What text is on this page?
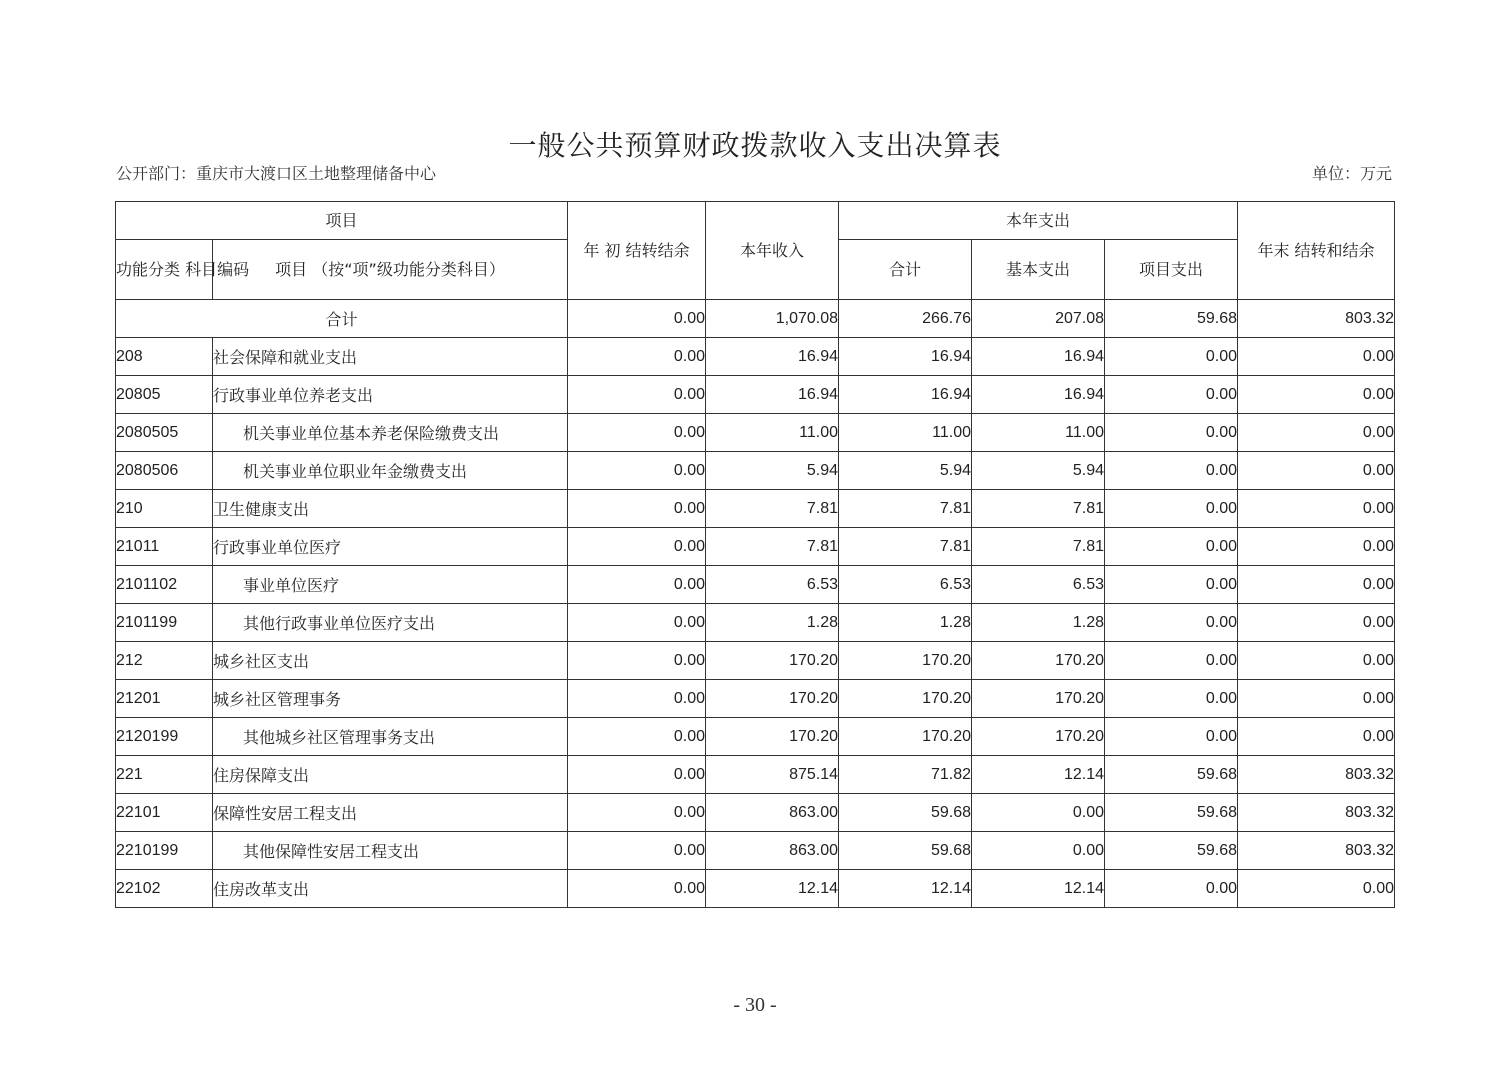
一般公共预算财政拨款收入支出决算表
公开部门：重庆市大渡口区土地整理储备中心	单位：万元
项目		年 初 结转结余	本年收入	本年支出			年末 结转和结余
功能分类 科目编码	项目 （按“项”级功能分类科目）			合计	基本支出	项目支出	
合计		0.00	1,070.08	266.76	207.08	59.68	803.32
208	社会保障和就业支出	0.00	16.94	16.94	16.94	0.00	0.00
20805	行政事业单位养老支出	0.00	16.94	16.94	16.94	0.00	0.00
2080505	机关事业单位基本养老保险缴费支出	0.00	11.00	11.00	11.00	0.00	0.00
2080506	机关事业单位职业年金缴费支出	0.00	5.94	5.94	5.94	0.00	0.00
210	卫生健康支出	0.00	7.81	7.81	7.81	0.00	0.00
21011	行政事业单位医疗	0.00	7.81	7.81	7.81	0.00	0.00
2101102	事业单位医疗	0.00	6.53	6.53	6.53	0.00	0.00
2101199	其他行政事业单位医疗支出	0.00	1.28	1.28	1.28	0.00	0.00
212	城乡社区支出	0.00	170.20	170.20	170.20	0.00	0.00
21201	城乡社区管理事务	0.00	170.20	170.20	170.20	0.00	0.00
2120199	其他城乡社区管理事务支出	0.00	170.20	170.20	170.20	0.00	0.00
221	住房保障支出	0.00	875.14	71.82	12.14	59.68	803.32
22101	保障性安居工程支出	0.00	863.00	59.68	0.00	59.68	803.32
2210199	其他保障性安居工程支出	0.00	863.00	59.68	0.00	59.68	803.32
22102	住房改革支出	0.00	12.14	12.14	12.14	0.00	0.00
- 30 -
